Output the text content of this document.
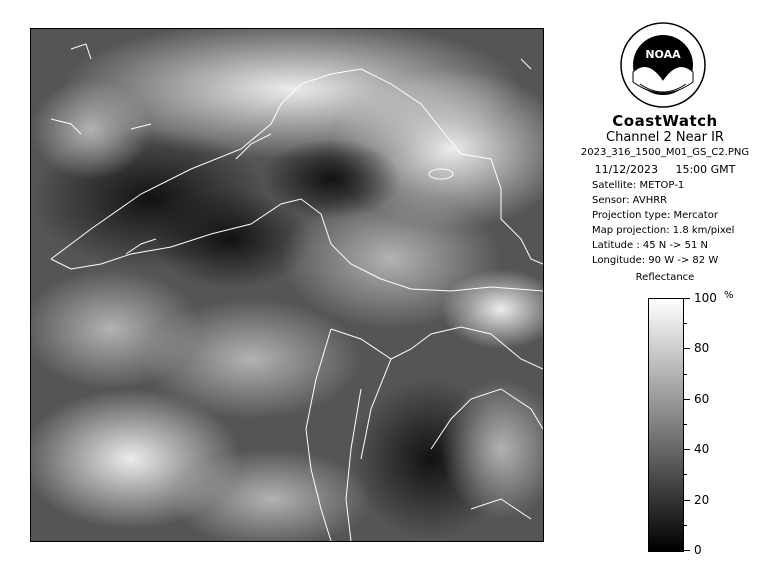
NOAA
CoastWatch
Channel 2 Near IR
2023_316_1500_M01_GS_C2.PNG
11/12/2023     15:00 GMT
Satellite: METOP-1
Sensor: AVHRR
Projection type: Mercator
Map projection: 1.8 km/pixel
Latitude : 45 N -> 51 N
Longitude: 90 W -> 82 W
Reflectance
100
80
60
40
20
0
%
